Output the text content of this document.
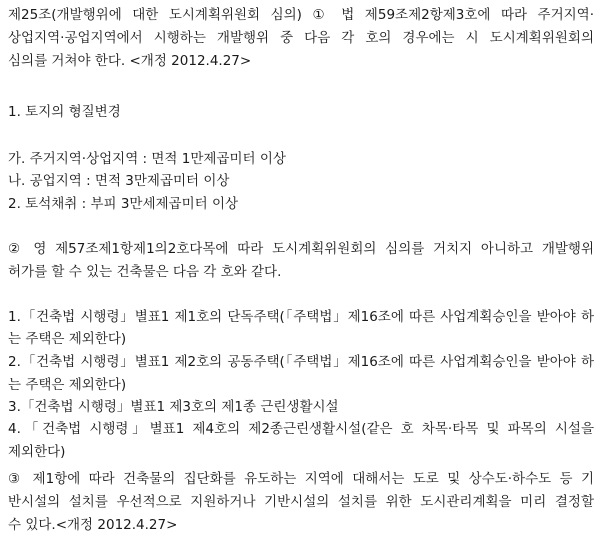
제25조(개발행위에 대한 도시계획위원회 심의) ① 법 제59조제2항제3호에 따라 주거지역·
상업지역·공업지역에서 시행하는 개발행위 중 다음 각 호의 경우에는 시 도시계획위원회의
심의를 거쳐야 한다. <개정 2012.4.27>
1. 토지의 형질변경
가. 주거지역·상업지역 : 면적 1만제곱미터 이상
나. 공업지역 : 면적 3만제곱미터 이상
2. 토석채취 : 부피 3만세제곱미터 이상
② 영 제57조제1항제1의2호다목에 따라 도시계획위원회의 심의를 거치지 아니하고 개발행위
허가를 할 수 있는 건축물은 다음 각 호와 같다.
1.「건축법 시행령」별표1 제1호의 단독주택(「주택법」제16조에 따른 사업계획승인을 받아야 하
는 주택은 제외한다)
2.「건축법 시행령」별표1 제2호의 공동주택(「주택법」제16조에 따른 사업계획승인을 받아야 하
는 주택은 제외한다)
3.「건축법 시행령」별표1 제3호의 제1종 근린생활시설
4.「건축법 시행령」별표1 제4호의 제2종근린생활시설(같은 호 차목·타목 및 파목의 시설을
제외한다)
③ 제1항에 따라 건축물의 집단화를 유도하는 지역에 대해서는 도로 및 상수도·하수도 등 기
반시설의 설치를 우선적으로 지원하거나 기반시설의 설치를 위한 도시관리계획을 미리 결정할
수 있다.<개정 2012.4.27>
